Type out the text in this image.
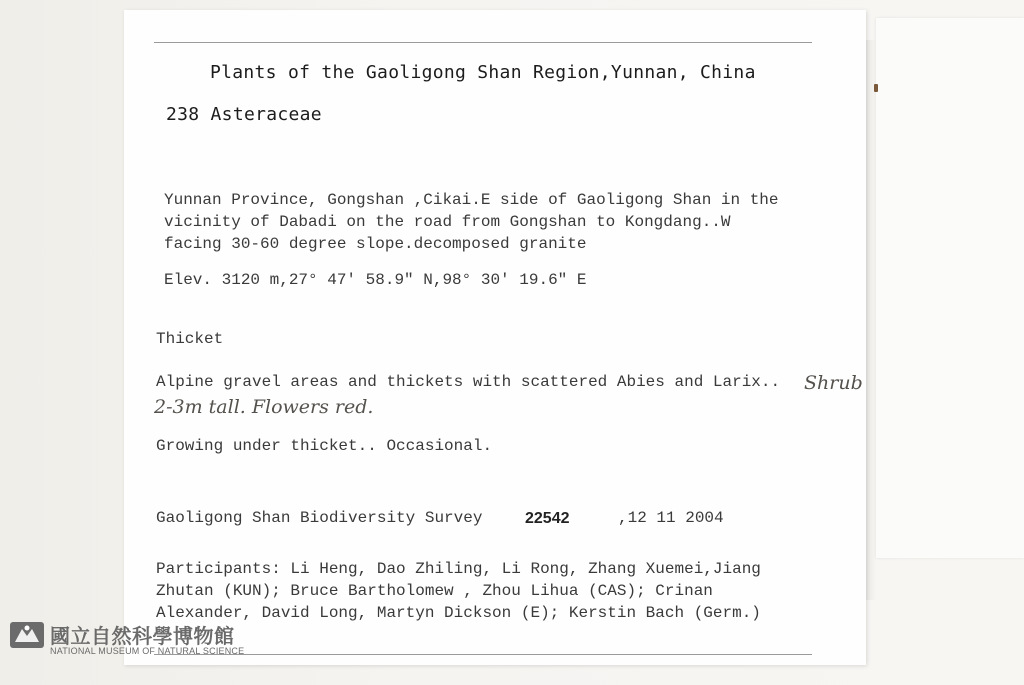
Plants of the Gaoligong Shan Region,Yunnan, China
238 Asteraceae
Yunnan Province, Gongshan ,Cikai.E side of Gaoligong Shan in the
vicinity of Dabadi on the road from Gongshan to Kongdang..W
facing 30-60 degree slope.decomposed granite
Elev. 3120 m,27° 47′ 58.9″ N,98° 30′ 19.6″ E
Thicket
Alpine gravel areas and thickets with scattered Abies and Larix.. Shrub
2-3m tall. Flowers red.
Growing under thicket.. Occasional.
Gaoligong Shan Biodiversity Survey	22542	,12 11 2004
Participants: Li Heng, Dao Zhiling, Li Rong, Zhang Xuemei,Jiang
Zhutan (KUN); Bruce Bartholomew , Zhou Lihua (CAS); Crinan
Alexander, David Long, Martyn Dickson (E); Kerstin Bach (Germ.)
國立自然科學博物館
NATIONAL MUSEUM OF NATURAL SCIENCE
